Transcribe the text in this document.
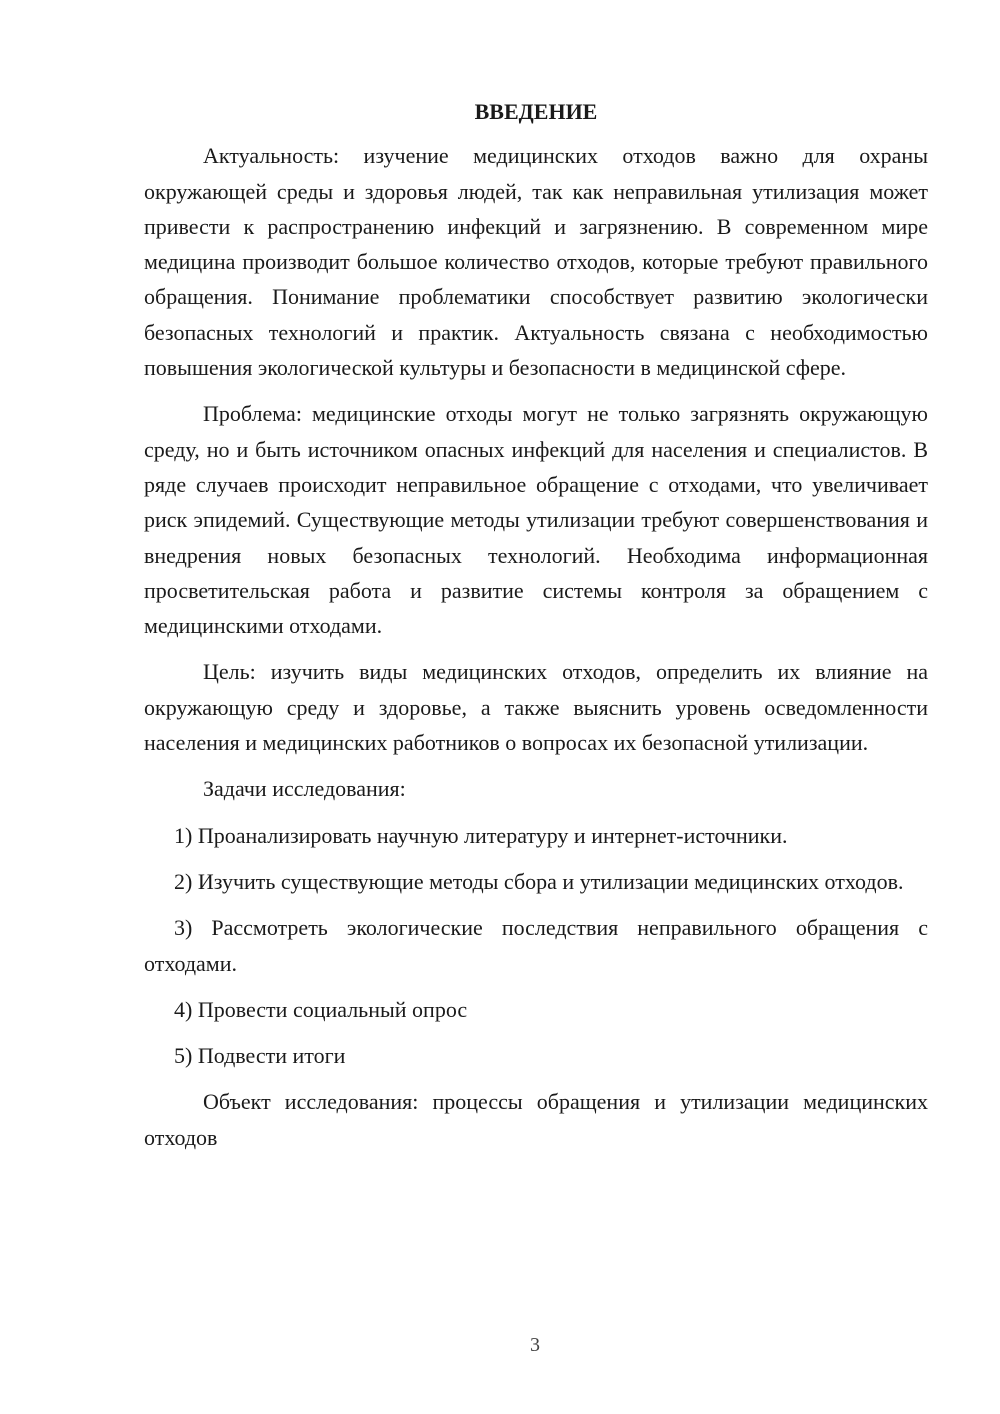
ВВЕДЕНИЕ

Актуальность: изучение медицинских отходов важно для охраны окружающей среды и здоровья людей, так как неправильная утилизация может привести к распространению инфекций и загрязнению. В современном мире медицина производит большое количество отходов, которые требуют правильного обращения. Понимание проблематики способствует развитию экологически безопасных технологий и практик. Актуальность связана с необходимостью повышения экологической культуры и безопасности в медицинской сфере.

Проблема: медицинские отходы могут не только загрязнять окружающую среду, но и быть источником опасных инфекций для населения и специалистов. В ряде случаев происходит неправильное обращение с отходами, что увеличивает риск эпидемий. Существующие методы утилизации требуют совершенствования и внедрения новых безопасных технологий. Необходима информационная просветительская работа и развитие системы контроля за обращением с медицинскими отходами.

Цель: изучить виды медицинских отходов, определить их влияние на окружающую среду и здоровье, а также выяснить уровень осведомленности населения и медицинских работников о вопросах их безопасной утилизации.

Задачи исследования:

1) Проанализировать научную литературу и интернет-источники.

2) Изучить существующие методы сбора и утилизации медицинских отходов.

3) Рассмотреть экологические последствия неправильного обращения с отходами.

4) Провести социальный опрос

5) Подвести итоги

Объект исследования: процессы обращения и утилизации медицинских отходов

3
